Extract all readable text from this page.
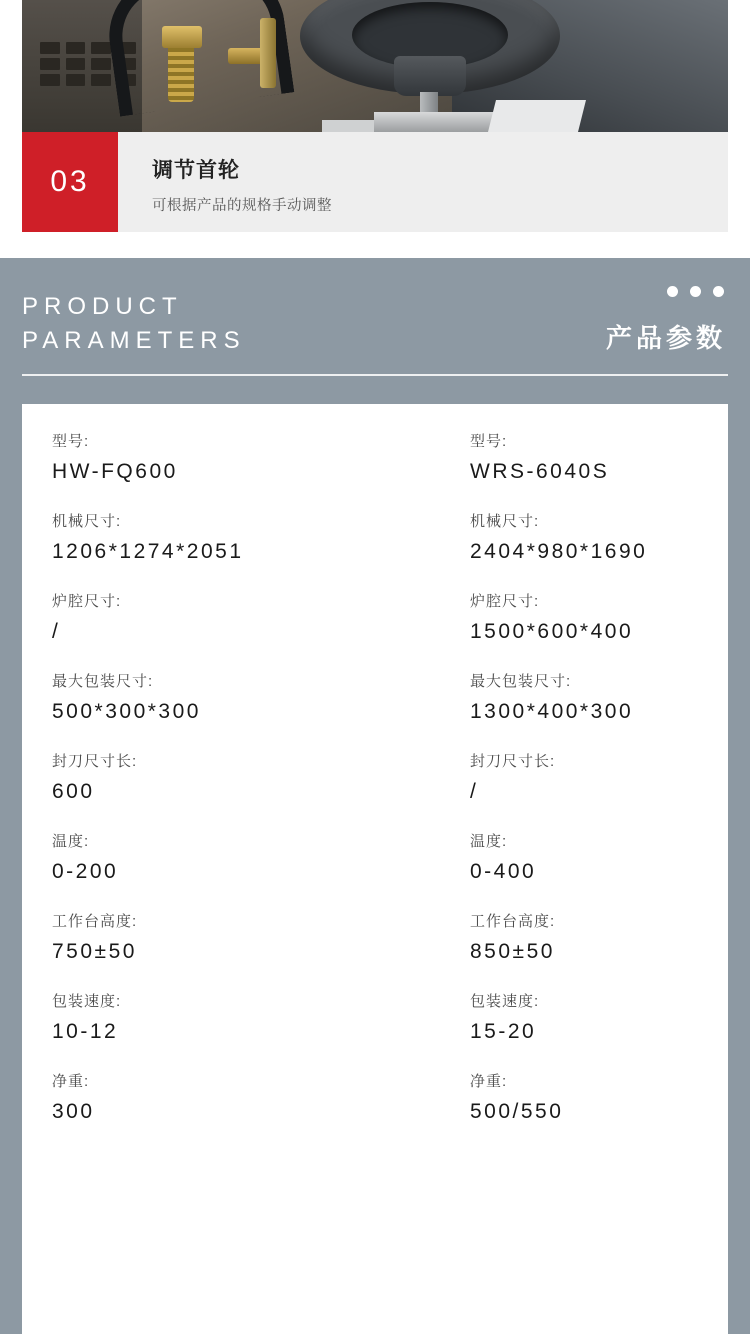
03	调节首轮
可根据产品的规格手动调整
PRODUCT
PARAMETERS	产品参数
型号:
HW-FQ600
机械尺寸:
1206*1274*2051
炉腔尺寸:
/
最大包装尺寸:
500*300*300
封刀尺寸长:
600
温度:
0-200
工作台高度:
750±50
包装速度:
10-12
净重:
300
型号:
WRS-6040S
机械尺寸:
2404*980*1690
炉腔尺寸:
1500*600*400
最大包装尺寸:
1300*400*300
封刀尺寸长:
/
温度:
0-400
工作台高度:
850±50
包装速度:
15-20
净重:
500/550
